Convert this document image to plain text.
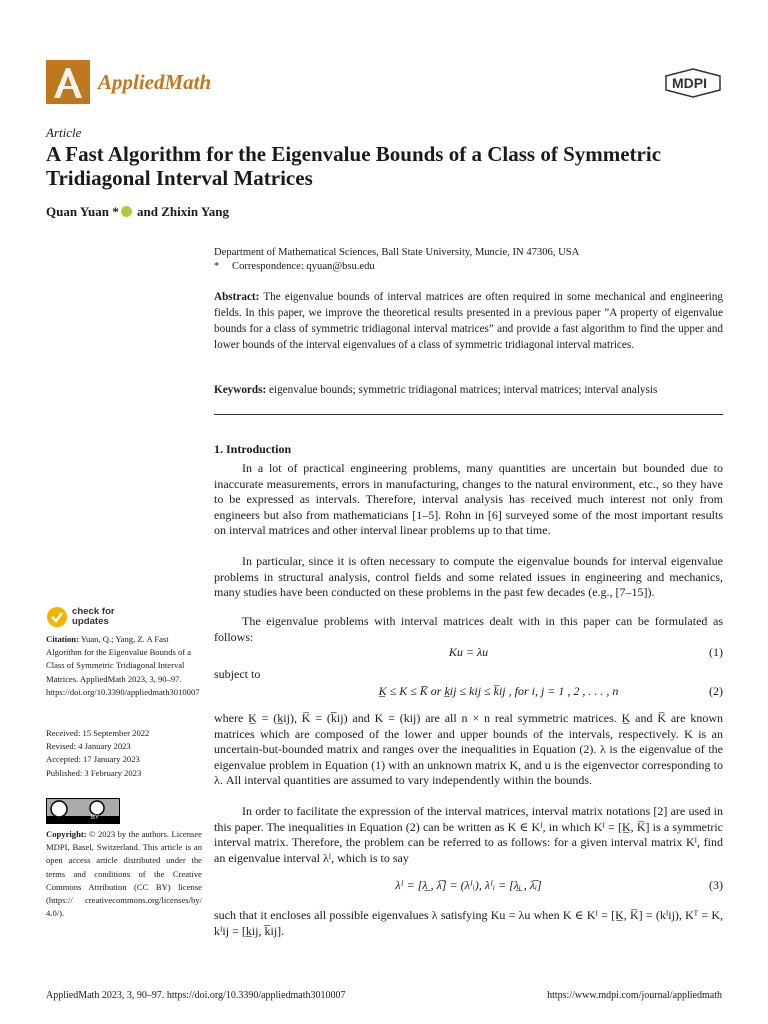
AppliedMath	MDPI
Article
A Fast Algorithm for the Eigenvalue Bounds of a Class of Symmetric Tridiagonal Interval Matrices
Quan Yuan * and Zhixin Yang
Department of Mathematical Sciences, Ball State University, Muncie, IN 47306, USA
* Correspondence: qyuan@bsu.edu
Abstract: The eigenvalue bounds of interval matrices are often required in some mechanical and engineering fields. In this paper, we improve the theoretical results presented in a previous paper ”A property of eigenvalue bounds for a class of symmetric tridiagonal interval matrices” and provide a fast algorithm to find the upper and lower bounds of the interval eigenvalues of a class of symmetric tridiagonal interval matrices.
Keywords: eigenvalue bounds; symmetric tridiagonal matrices; interval matrices; interval analysis
1. Introduction
In a lot of practical engineering problems, many quantities are uncertain but bounded due to inaccurate measurements, errors in manufacturing, changes to the natural environment, etc., so they have to be expressed as intervals. Therefore, interval analysis has received much interest not only from engineers but also from mathematicians [1–5]. Rohn in [6] surveyed some of the most important results on interval matrices and other interval linear problems up to that time.
In particular, since it is often necessary to compute the eigenvalue bounds for interval eigenvalue problems in structural analysis, control fields and some related issues in engineering and mechanics, many studies have been conducted on these problems in the past few decades (e.g., [7–15]).
The eigenvalue problems with interval matrices dealt with in this paper can be formulated as follows:
Ku = λu	(1)
subject to
K̲ ≤ K ≤ K̅ or k̲ij ≤ kij ≤ k̅ij , for i, j = 1 , 2 , . . . , n	(2)
where K̲ = (k̲ij), K̅ = (k̅ij) and K = (kij) are all n × n real symmetric matrices. K̲ and K̅ are known matrices which are composed of the lower and upper bounds of the intervals, respectively. K is an uncertain-but-bounded matrix and ranges over the inequalities in Equation (2). λ is the eigenvalue of the eigenvalue problem in Equation (1) with an unknown matrix K, and u is the eigenvector corresponding to λ. All interval quantities are assumed to vary independently within the bounds.
In order to facilitate the expression of the interval matrices, interval matrix notations [2] are used in this paper. The inequalities in Equation (2) can be written as K ∈ Kᴵ, in which Kᴵ = [K̲, K̅] is a symmetric interval matrix. Therefore, the problem can be referred to as follows: for a given interval matrix Kᴵ, find an eigenvalue interval λᴵ, which is to say
λᴵ = [λ̲ , λ̅] = (λᴵᵢ), λᴵᵢ = [λ̲ᵢ , λ̅ᵢ]	(3)
such that it encloses all possible eigenvalues λ satisfying Ku = λu when K ∈ Kᴵ = [K̲, K̅] = (kᴵij), Kᵀ = K, kᴵij = [k̲ij, k̅ij].
check for updates
Citation: Yuan, Q.; Yang, Z. A Fast Algorithm for the Eigenvalue Bounds of a Class of Symmetric Tridiagonal Interval Matrices. AppliedMath 2023, 3, 90–97. https://doi.org/10.3390/appliedmath3010007
Received: 15 September 2022
Revised: 4 January 2023
Accepted: 17 January 2023
Published: 3 February 2023
BY
Copyright: © 2023 by the authors. Licensee MDPI, Basel, Switzerland. This article is an open access article distributed under the terms and conditions of the Creative Commons Attribution (CC BY) license (https:// creativecommons.org/licenses/by/ 4.0/).
AppliedMath 2023, 3, 90–97. https://doi.org/10.3390/appliedmath3010007	https://www.mdpi.com/journal/appliedmath
